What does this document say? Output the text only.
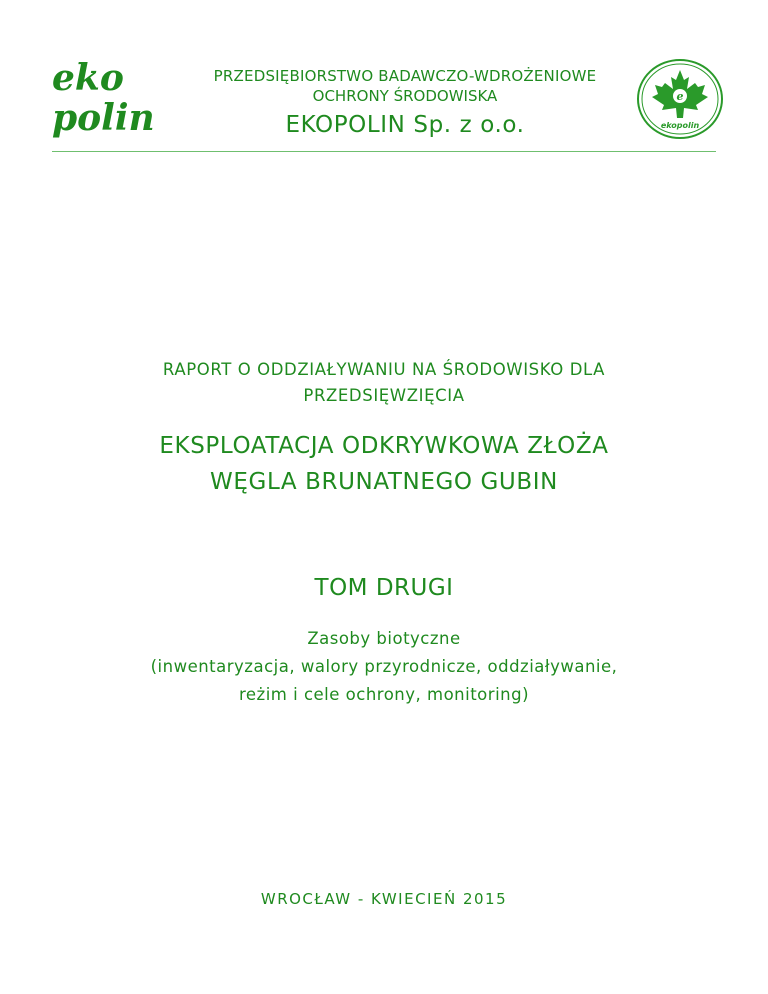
eko
polin
PRZEDSIĘBIORSTWO BADAWCZO-WDROŻENIOWE
OCHRONY ŚRODOWISKA
EKOPOLIN Sp. z o.o.
e
ekopolin
RAPORT O ODDZIAŁYWANIU NA ŚRODOWISKO DLA
PRZEDSIĘWZIĘCIA
EKSPLOATACJA ODKRYWKOWA ZŁOŻA
WĘGLA BRUNATNEGO GUBIN
TOM DRUGI
Zasoby biotyczne
(inwentaryzacja, walory przyrodnicze, oddziaływanie,
reżim i cele ochrony, monitoring)
WROCŁAW - KWIECIEŃ 2015
